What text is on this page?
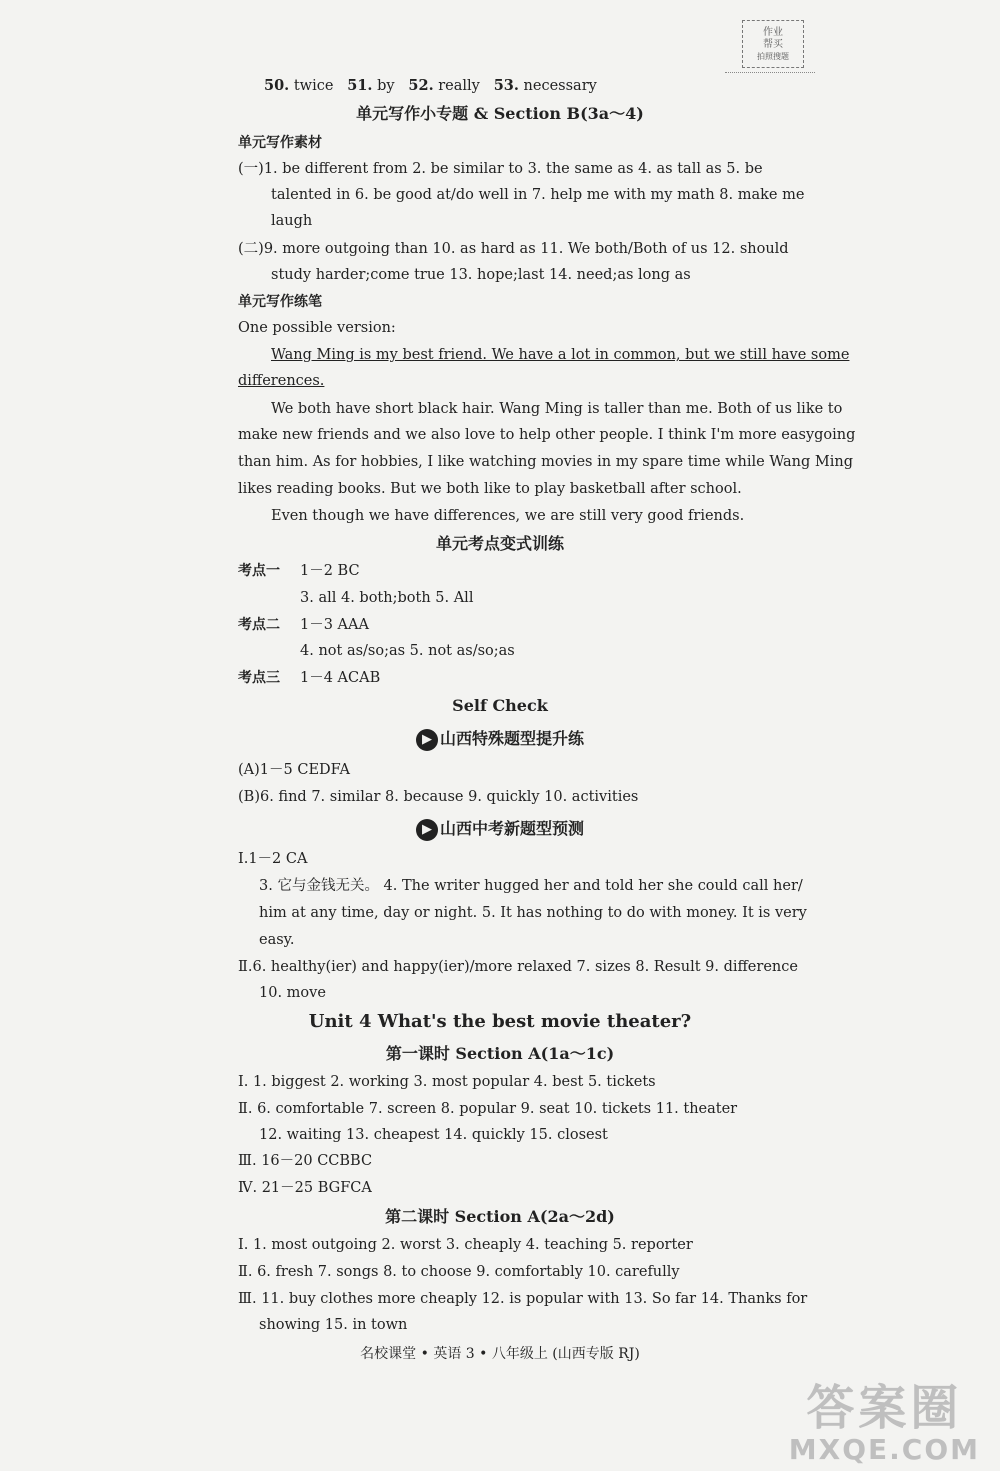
作业
帮买
拍照搜题
50. twice 51. by 52. really 53. necessary
单元写作小专题 & Section B(3a～4)
单元写作素材
(一)1. be different from 2. be similar to 3. the same as 4. as tall as 5. be
talented in 6. be good at/do well in 7. help me with my math 8. make me
laugh
(二)9. more outgoing than 10. as hard as 11. We both/Both of us 12. should
study harder;come true 13. hope;last 14. need;as long as
单元写作练笔
One possible version:
Wang Ming is my best friend. We have a lot in common, but we still have some
differences.
We both have short black hair. Wang Ming is taller than me. Both of us like to
make new friends and we also love to help other people. I think I'm more easygoing
than him. As for hobbies, I like watching movies in my spare time while Wang Ming
likes reading books. But we both like to play basketball after school.
Even though we have differences, we are still very good friends.
单元考点变式训练
考点一 1－2 BC
3. all 4. both;both 5. All
考点二 1－3 AAA
4. not as/so;as 5. not as/so;as
考点三 1－4 ACAB
Self Check
▶ 山西特殊题型提升练
(A)1－5 CEDFA
(B)6. find 7. similar 8. because 9. quickly 10. activities
▶ 山西中考新题型预测
Ⅰ.1－2 CA
3. 它与金钱无关。 4. The writer hugged her and told her she could call her/
him at any time, day or night. 5. It has nothing to do with money. It is very
easy.
Ⅱ.6. healthy(ier) and happy(ier)/more relaxed 7. sizes 8. Result 9. difference
10. move
Unit 4 What's the best movie theater?
第一课时 Section A(1a～1c)
Ⅰ. 1. biggest 2. working 3. most popular 4. best 5. tickets
Ⅱ. 6. comfortable 7. screen 8. popular 9. seat 10. tickets 11. theater
12. waiting 13. cheapest 14. quickly 15. closest
Ⅲ. 16－20 CCBBC
Ⅳ. 21－25 BGFCA
第二课时 Section A(2a～2d)
Ⅰ. 1. most outgoing 2. worst 3. cheaply 4. teaching 5. reporter
Ⅱ. 6. fresh 7. songs 8. to choose 9. comfortably 10. carefully
Ⅲ. 11. buy clothes more cheaply 12. is popular with 13. So far 14. Thanks for
showing 15. in town
名校课堂 • 英语 3 • 八年级上 (山西专版 RJ)
答案圈
MXQE.COM
